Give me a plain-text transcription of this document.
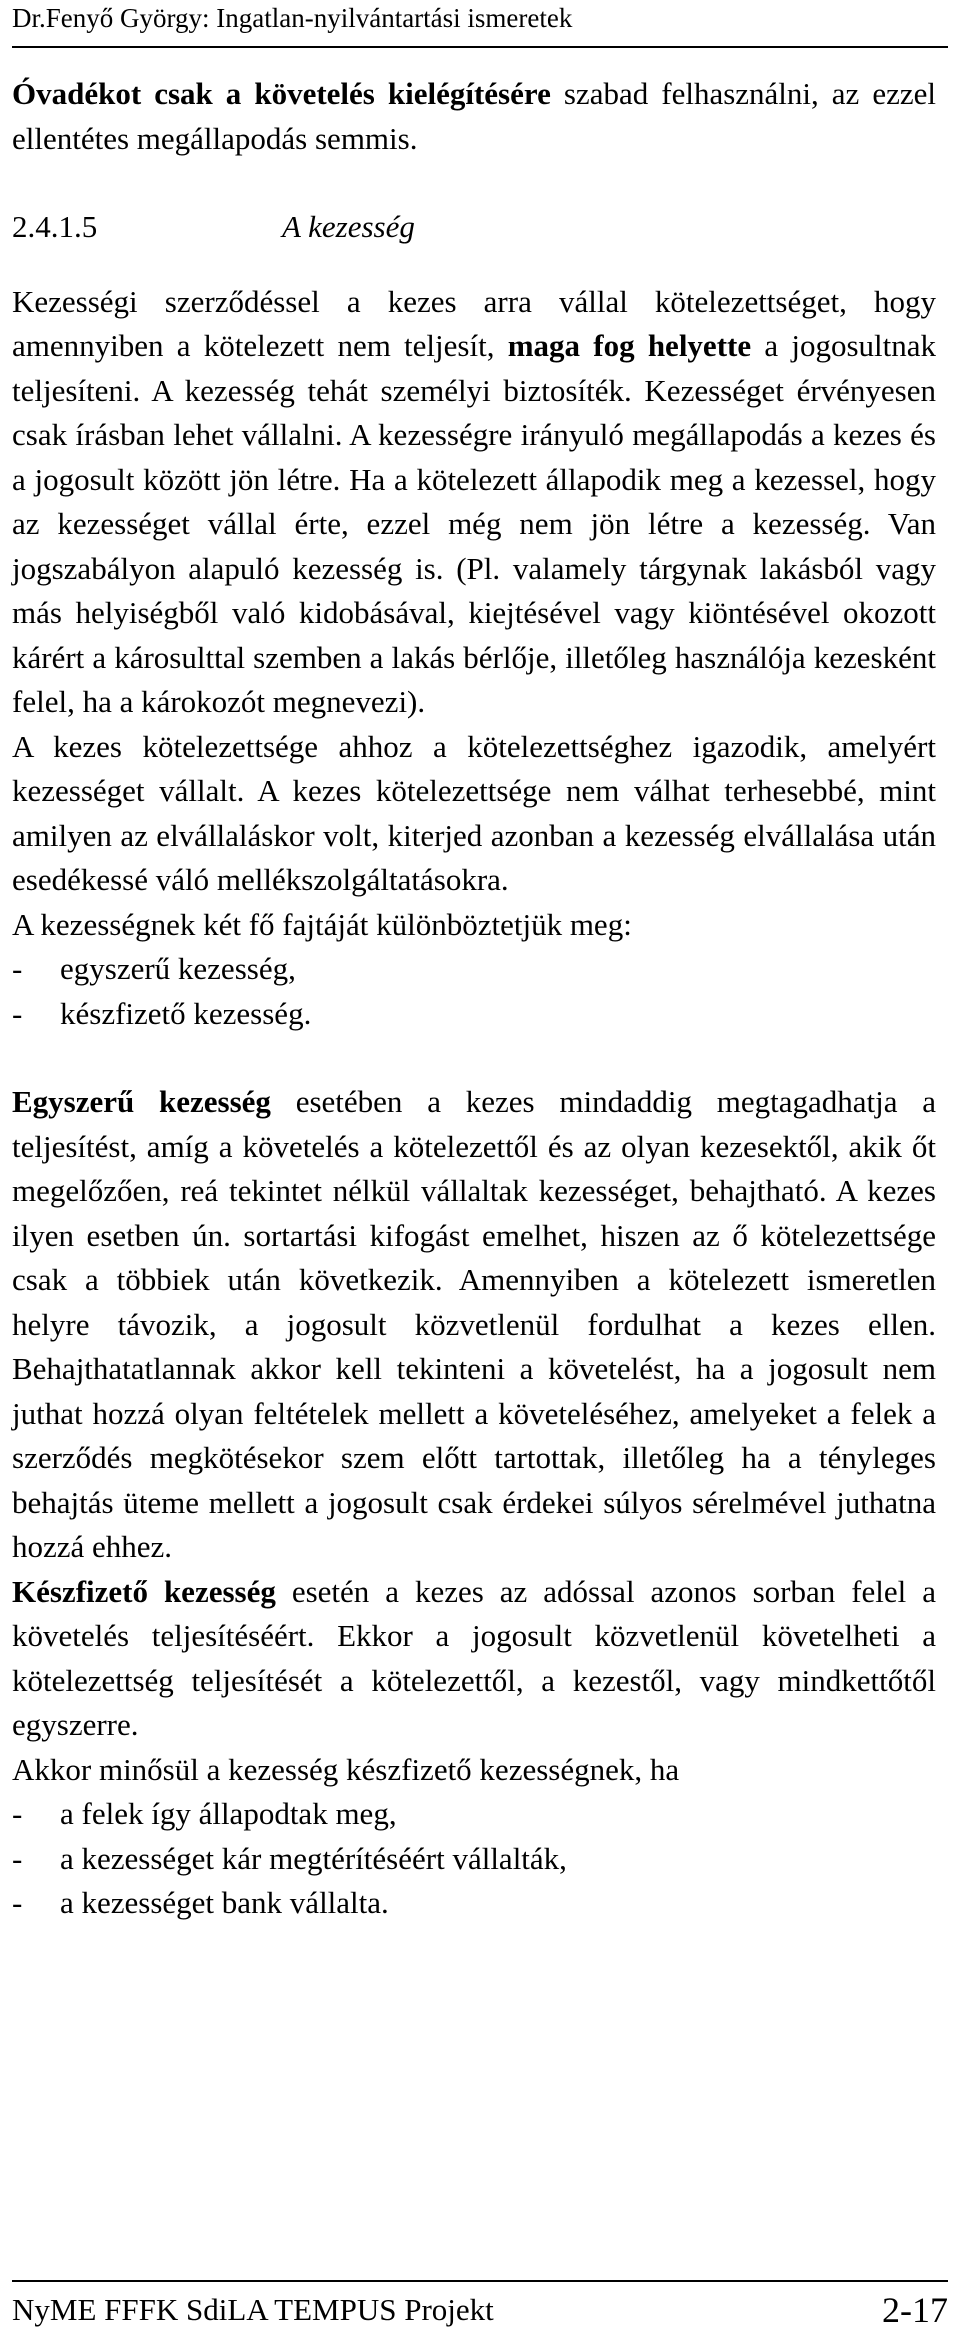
Dr.Fenyő György: Ingatlan-nyilvántartási ismeretek

Óvadékot csak a követelés kielégítésére szabad felhasználni, az ezzel ellentétes megállapodás semmis.

2.4.1.5	A kezesség

Kezességi szerződéssel a kezes arra vállal kötelezettséget, hogy amennyiben a kötelezett nem teljesít, maga fog helyette a jogosultnak teljesíteni. A kezesség tehát személyi biztosíték. Kezességet érvényesen csak írásban lehet vállalni. A kezességre irányuló megállapodás a kezes és a jogosult között jön létre. Ha a kötelezett állapodik meg a kezessel, hogy az kezességet vállal érte, ezzel még nem jön létre a kezesség. Van jogszabályon alapuló kezesség is. (Pl. valamely tárgynak lakásból vagy más helyiségből való kidobásával, kiejtésével vagy kiöntésével okozott kárért a károsulttal szemben a lakás bérlője, illetőleg használója kezesként felel, ha a károkozót megnevezi).

A kezes kötelezettsége ahhoz a kötelezettséghez igazodik, amelyért kezességet vállalt. A kezes kötelezettsége nem válhat terhesebbé, mint amilyen az elvállaláskor volt, kiterjed azonban a kezesség elvállalása után esedékessé váló mellékszolgáltatásokra.

A kezességnek két fő fajtáját különböztetjük meg:

-	egyszerű kezesség,
-	készfizető kezesség.

Egyszerű kezesség esetében a kezes mindaddig megtagadhatja a teljesítést, amíg a követelés a kötelezettől és az olyan kezesektől, akik őt megelőzően, reá tekintet nélkül vállaltak kezességet, behajtható. A kezes ilyen esetben ún. sortartási kifogást emelhet, hiszen az ő kötelezettsége csak a többiek után következik. Amennyiben a kötelezett ismeretlen helyre távozik, a jogosult közvetlenül fordulhat a kezes ellen. Behajthatatlannak akkor kell tekinteni a követelést, ha a jogosult nem juthat hozzá olyan feltételek mellett a követeléséhez, amelyeket a felek a szerződés megkötésekor szem előtt tartottak, illetőleg ha a tényleges behajtás üteme mellett a jogosult csak érdekei súlyos sérelmével juthatna hozzá ehhez.

Készfizető kezesség esetén a kezes az adóssal azonos sorban felel a követelés teljesítéséért. Ekkor a jogosult közvetlenül követelheti a kötelezettség teljesítését a kötelezettől, a kezestől, vagy mindkettőtől egyszerre.

Akkor minősül a kezesség készfizető kezességnek, ha

-	a felek így állapodtak meg,
-	a kezességet kár megtérítéséért vállalták,
-	a kezességet bank vállalta.
NyME FFFK SdiLA TEMPUS Projekt	2-17
